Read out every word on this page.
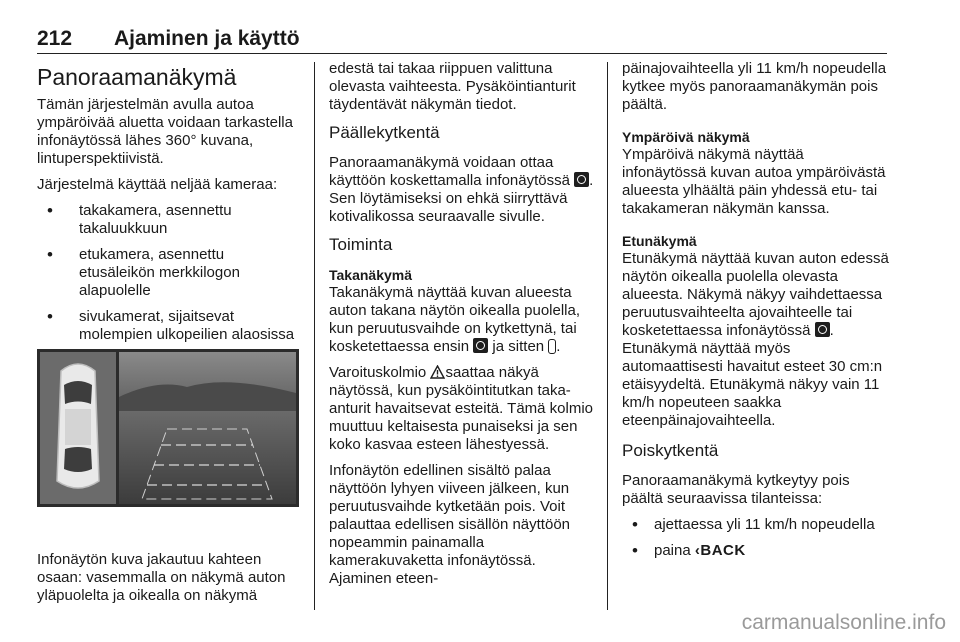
212 Ajaminen ja käyttö
Panoraamanäkymä

Tämän järjestelmän avulla autoa ympäröivää aluetta voidaan tarkastella infonäytössä lähes 360° kuvana, lintuperspektiivistä.

Järjestelmä käyttää neljää kameraa:

• takakamera, asennettu takaluukkuun
• etukamera, asennettu etusäleikön merkkilogon alapuolelle
• sivukamerat, sijaitsevat molempien ulkopeilien alaosissa
Infonäytön kuva jakautuu kahteen osaan: vasemmalla on näkymä auton yläpuolelta ja oikealla on näkymä

edestä tai takaa riippuen valittuna olevasta vaihteesta. Pysäköintianturit täydentävät näkymän tiedot.

Päällekytkentä

Panoraamanäkymä voidaan ottaa käyttöön koskettamalla infonäytössä . Sen löytämiseksi on ehkä siirryttävä kotivalikossa seuraavalle sivulle.

Toiminta
Takanäkymä

Takanäkymä näyttää kuvan alueesta auton takana näytön oikealla puolella, kun peruutusvaihde on kytkettynä, tai kosketettaessa ensin  ja sitten .

Varoituskolmio saattaa näkyä näytössä, kun pysäköintitutkan taka-anturit havaitsevat esteitä. Tämä kolmio muuttuu keltaisesta punaiseksi ja sen koko kasvaa esteen lähestyessä.

Infonäytön edellinen sisältö palaa näyttöön lyhyen viiveen jälkeen, kun peruutusvaihde kytketään pois. Voit palauttaa edellisen sisällön näyttöön nopeammin painamalla kamerakuvaketta infonäytössä. Ajaminen eteen-

päinajovaihteella yli 11 km/h nopeudella kytkee myös panoraamanäkymän pois päältä.

Ympäröivä näkymä

Ympäröivä näkymä näyttää infonäytössä kuvan autoa ympäröivästä alueesta ylhäältä päin yhdessä etu- tai takakameran näkymän kanssa.

Etunäkymä

Etunäkymä näyttää kuvan auton edessä näytön oikealla puolella olevasta alueesta. Näkymä näkyy vaihdettaessa peruutusvaihteelta ajovaihteelle tai kosketettaessa infonäytössä . Etunäkymä näyttää myös automaattisesti havaitut esteet 30 cm:n etäisyydeltä. Etunäkymä näkyy vain 11 km/h nopeuteen saakka eteenpäinajovaihteella.

Poiskytkentä

Panoraamanäkymä kytkeytyy pois päältä seuraavissa tilanteissa:

• ajettaessa yli 11 km/h nopeudella
• paina ‹BACK
carmanualsonline.info
